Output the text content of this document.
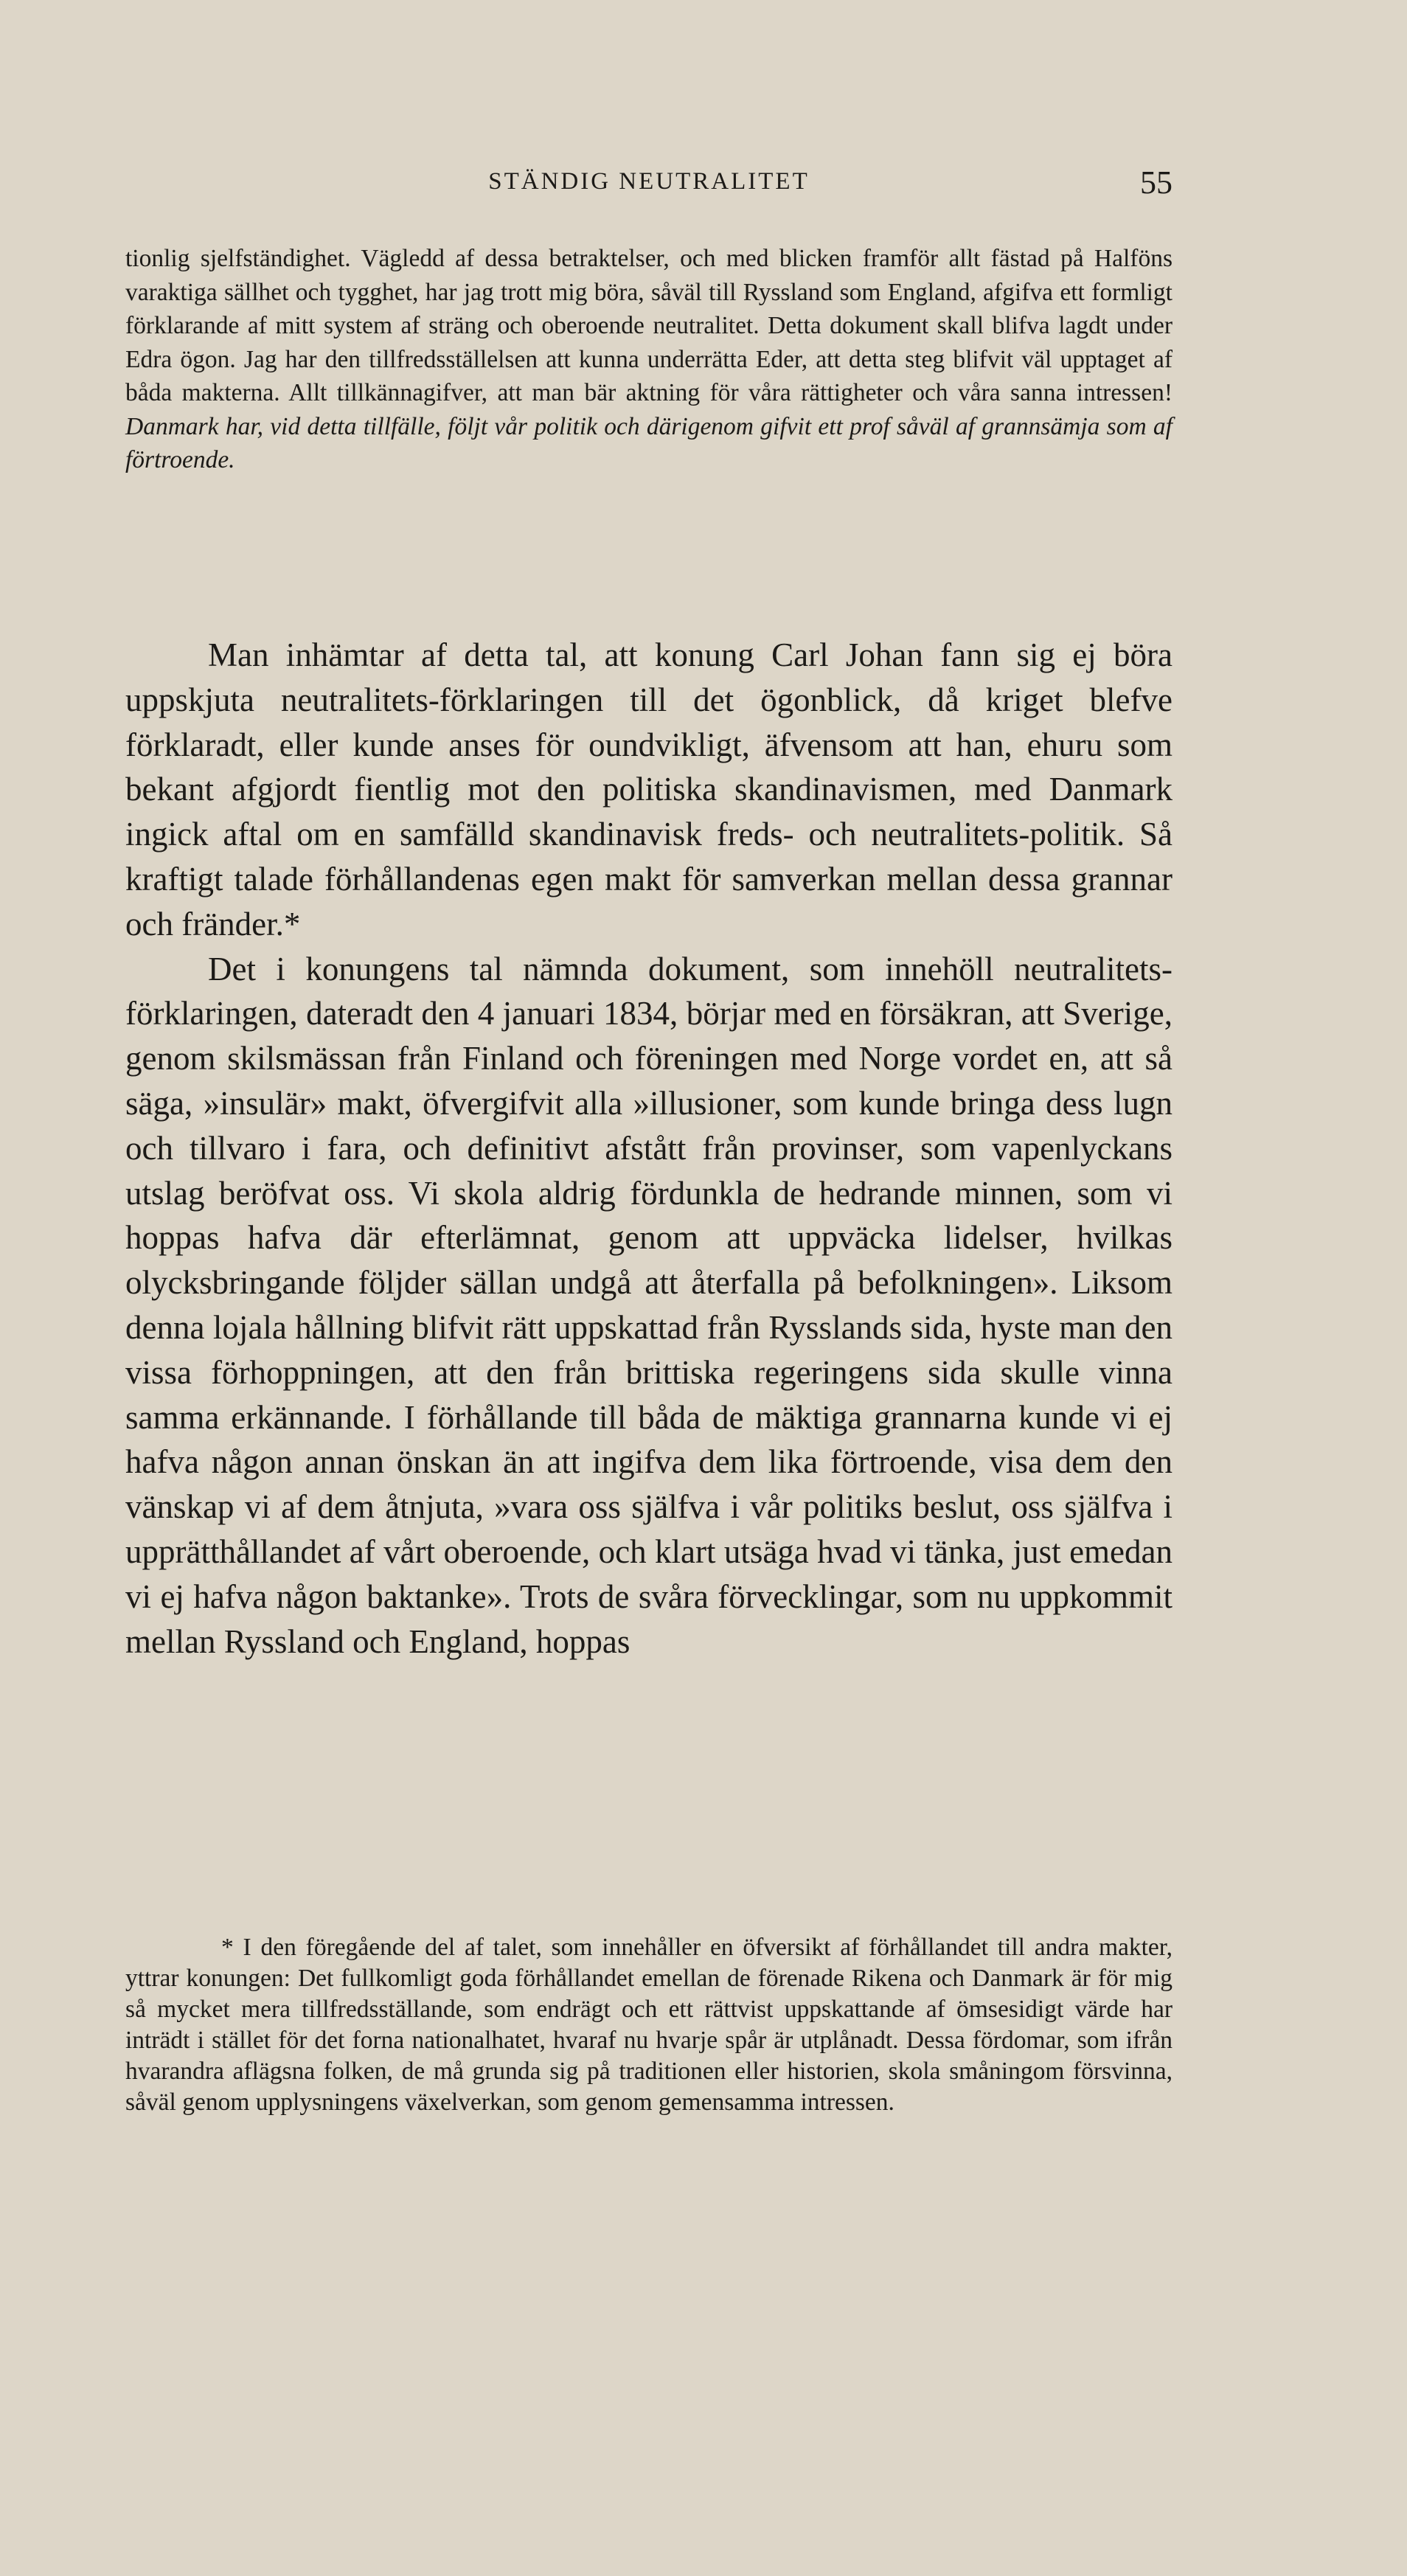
STÄNDIG NEUTRALITET	55

tionlig sjelfständighet. Vägledd af dessa betraktelser, och med blicken framför allt fästad på Halföns varaktiga sällhet och tygghet, har jag trott mig böra, såväl till Ryssland som England, afgifva ett formligt förklarande af mitt system af sträng och oberoende neutralitet. Detta dokument skall blifva lagdt under Edra ögon. Jag har den tillfredsställelsen att kunna underrätta Eder, att detta steg blifvit väl upptaget af båda makterna. Allt tillkännagifver, att man bär aktning för våra rättigheter och våra sanna intressen! Danmark har, vid detta tillfälle, följt vår politik och därigenom gifvit ett prof såväl af grannsämja som af förtroende.

Man inhämtar af detta tal, att konung Carl Johan fann sig ej böra uppskjuta neutralitets-förklaringen till det ögonblick, då kriget blefve förklaradt, eller kunde anses för oundvikligt, äfvensom att han, ehuru som bekant afgjordt fientlig mot den politiska skandinavismen, med Danmark ingick aftal om en samfälld skandinavisk freds- och neutralitets-politik. Så kraftigt talade förhållandenas egen makt för samverkan mellan dessa grannar och fränder.*

Det i konungens tal nämnda dokument, som innehöll neutralitets-förklaringen, dateradt den 4 januari 1834, börjar med en försäkran, att Sverige, genom skilsmässan från Finland och föreningen med Norge vordet en, att så säga, »insulär» makt, öfvergifvit alla »illusioner, som kunde bringa dess lugn och tillvaro i fara, och definitivt afstått från provinser, som vapenlyckans utslag beröfvat oss. Vi skola aldrig fördunkla de hedrande minnen, som vi hoppas hafva där efterlämnat, genom att uppväcka lidelser, hvilkas olycksbringande följder sällan undgå att återfalla på befolkningen». Liksom denna lojala hållning blifvit rätt uppskattad från Rysslands sida, hyste man den vissa förhoppningen, att den från brittiska regeringens sida skulle vinna samma erkännande. I förhållande till båda de mäktiga grannarna kunde vi ej hafva någon annan önskan än att ingifva dem lika förtroende, visa dem den vänskap vi af dem åtnjuta, »vara oss själfva i vår politiks beslut, oss själfva i upprätthållandet af vårt oberoende, och klart utsäga hvad vi tänka, just emedan vi ej hafva någon baktanke». Trots de svåra förvecklingar, som nu uppkommit mellan Ryssland och England, hoppas

* I den föregående del af talet, som innehåller en öfversikt af förhållandet till andra makter, yttrar konungen: Det fullkomligt goda förhållandet emellan de förenade Rikena och Danmark är för mig så mycket mera tillfredsställande, som endrägt och ett rättvist uppskattande af ömsesidigt värde har inträdt i stället för det forna nationalhatet, hvaraf nu hvarje spår är utplånadt. Dessa fördomar, som ifrån hvarandra aflägsna folken, de må grunda sig på traditionen eller historien, skola småningom försvinna, såväl genom upplysningens växelverkan, som genom gemensamma intressen.
